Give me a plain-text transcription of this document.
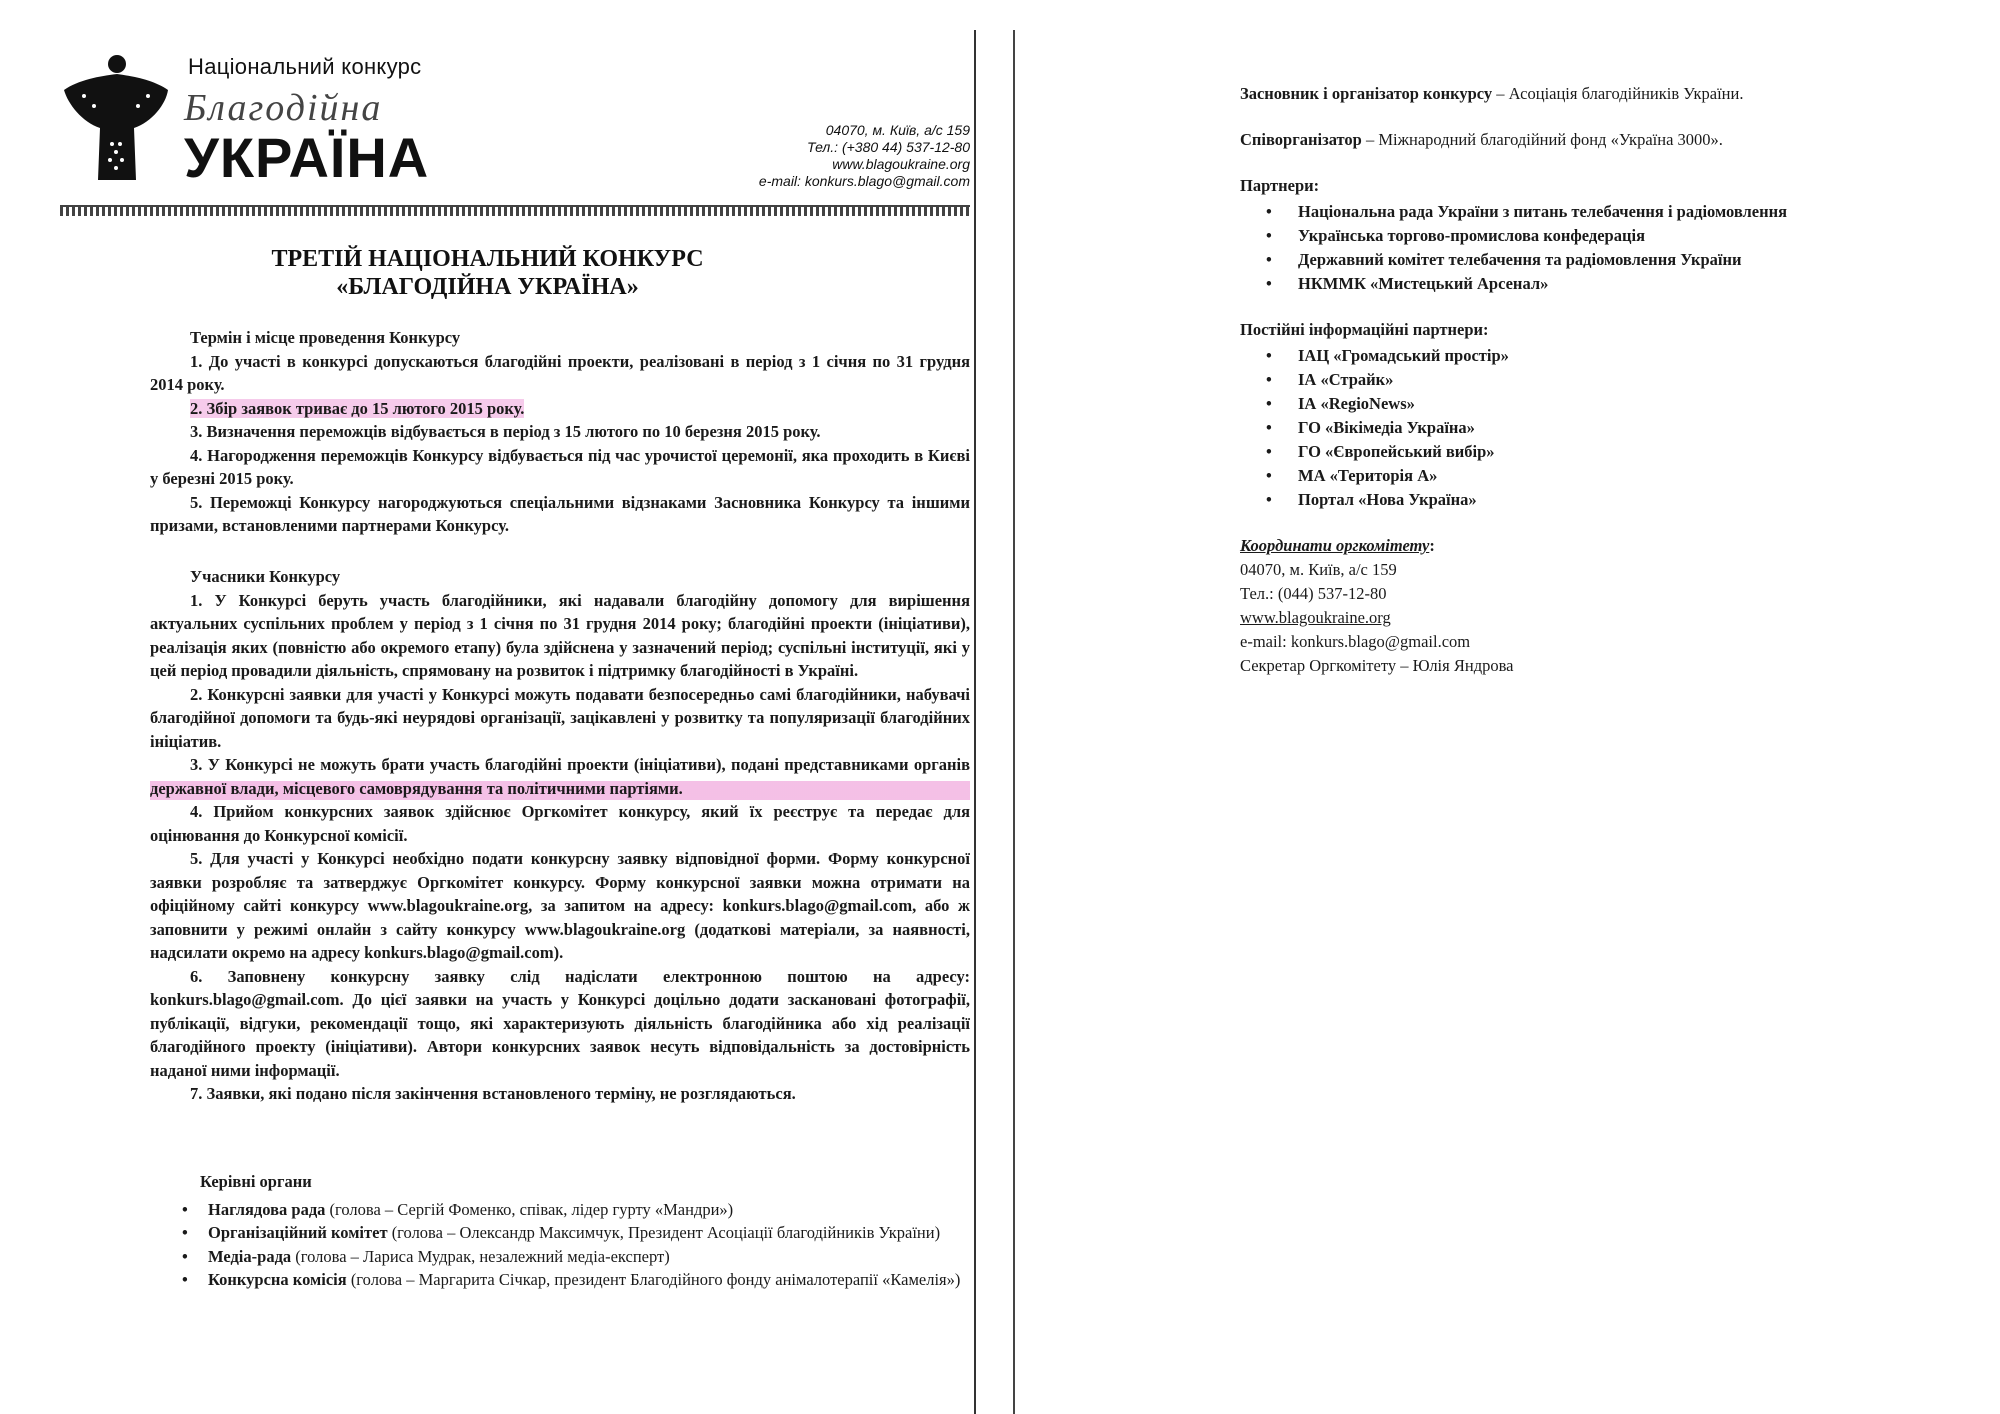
Національний конкурс
Благодійна
УКРАЇНА	04070, м. Київ, а/с 159
Тел.: (+380 44) 537-12-80
www.blagoukraine.org
e-mail: konkurs.blago@gmail.com
ТРЕТІЙ НАЦІОНАЛЬНИЙ КОНКУРС
«БЛАГОДІЙНА УКРАЇНА»
Термін і місце проведення Конкурсу

1. До участі в конкурсі допускаються благодійні проекти, реалізовані в період з 1 січня по 31 грудня 2014 року.

2. Збір заявок триває до 15 лютого 2015 року.

3. Визначення переможців відбувається в період з 15 лютого по 10 березня 2015 року.

4. Нагородження переможців Конкурсу відбувається під час урочистої церемонії, яка проходить в Києві у березні 2015 року.

5. Переможці Конкурсу нагороджуються спеціальними відзнаками Засновника Конкурсу та іншими призами, встановленими партнерами Конкурсу.

Учасники Конкурсу

1. У Конкурсі беруть участь благодійники, які надавали благодійну допомогу для вирішення актуальних суспільних проблем у період з 1 січня по 31 грудня 2014 року; благодійні проекти (ініціативи), реалізація яких (повністю або окремого етапу) була здійснена у зазначений період; суспільні інституції, які у цей період провадили діяльність, спрямовану на розвиток і підтримку благодійності в Україні.

2. Конкурсні заявки для участі у Конкурсі можуть подавати безпосередньо самі благодійники, набувачі благодійної допомоги та будь-які неурядові організації, зацікавлені у розвитку та популяризації благодійних ініціатив.

3. У Конкурсі не можуть брати участь благодійні проекти (ініціативи), подані представниками органів державної влади, місцевого самоврядування та політичними партіями.

4. Прийом конкурсних заявок здійснює Оргкомітет конкурсу, який їх реєструє та передає для оцінювання до Конкурсної комісії.

5. Для участі у Конкурсі необхідно подати конкурсну заявку відповідної форми. Форму конкурсної заявки розробляє та затверджує Оргкомітет конкурсу. Форму конкурсної заявки можна отримати на офіційному сайті конкурсу www.blagoukraine.org, за запитом на адресу: konkurs.blago@gmail.com, або ж заповнити у режимі онлайн з сайту конкурсу www.blagoukraine.org (додаткові матеріали, за наявності, надсилати окремо на адресу konkurs.blago@gmail.com).

6. Заповнену конкурсну заявку слід надіслати електронною поштою на адресу: konkurs.blago@gmail.com. До цієї заявки на участь у Конкурсі доцільно додати засканованi фотографії, публікації, відгуки, рекомендації тощо, які характеризують діяльність благодійника або хід реалізації благодійного проекту (ініціативи). Автори конкурсних заявок несуть відповідальність за достовірність наданої ними інформації.

7. Заявки, які подано після закінчення встановленого терміну, не розглядаються.

Керівні органи
• Наглядова рада (голова – Сергій Фоменко, співак, лідер гурту «Мандри»)
• Організаційний комітет (голова – Олександр Максимчук, Президент Асоціації благодійників України)
• Медіа-рада (голова – Лариса Мудрак, незалежний медіа-експерт)
• Конкурсна комісія (голова – Маргарита Січкар, президент Благодійного фонду анімалотерапії «Камелія»)
Засновник і організатор конкурсу – Асоціація благодійників України.
Співорганізатор – Міжнародний благодійний фонд «Україна 3000».
Партнери:
• Національна рада України з питань телебачення і радіомовлення
• Українська торгово-промислова конфедерація
• Державний комітет телебачення та радіомовлення України
• НКММК «Мистецький Арсенал»
Постійні інформаційні партнери:
• ІАЦ «Громадський простір»
• ІА «Страйк»
• ІА «RegioNews»
• ГО «Вікімедіа Україна»
• ГО «Європейський вибір»
• МА «Територія А»
• Портал «Нова Україна»
Координати оргкомітету:
04070, м. Київ, а/с 159
Тел.: (044) 537-12-80
www.blagoukraine.org
e-mail: konkurs.blago@gmail.com
Секретар Оргкомітету – Юлія Яндрова
